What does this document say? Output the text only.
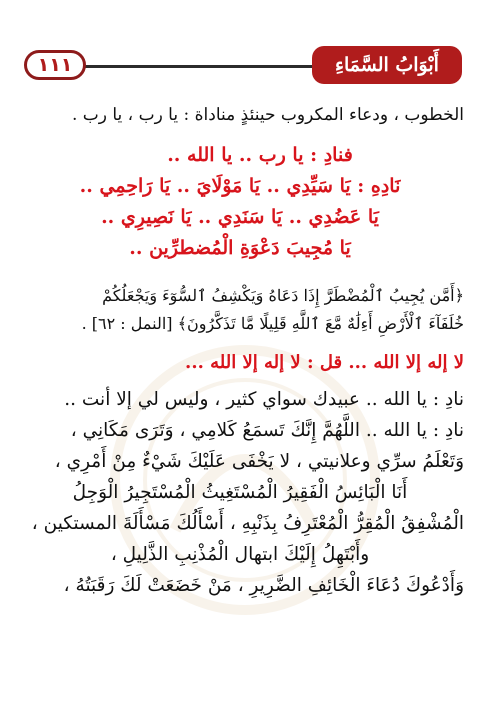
١١١	أَبْوَابُ السَّمَاءِ

الخطوب ، ودعاء المكروب حينئذٍ مناداة : يا رب ، يا رب .

فنادِ : يا رب .. يا الله ..

نَادِهِ : يَا سَيِّدِي .. يَا مَوْلَايَ .. يَا رَاحِمِي ..

يَا عَضُدِي .. يَا سَنَدِي .. يَا نَصِيرِي ..

يَا مُجِيبَ دَعْوَةِ الْمُضطرِّين ..

﴿أَمَّن يُجِيبُ ٱلْمُضْطَرَّ إِذَا دَعَاهُ وَيَكْشِفُ ٱلسُّوٓءَ وَيَجْعَلُكُمْ

خُلَفَآءَ ٱلْأَرْضِ أَءِلَٰهٌ مَّعَ ٱللَّهِ قَلِيلًا مَّا تَذَكَّرُونَ﴾ [النمل : ٦٢] .

لا إله إلا الله ... قل : لا إله إلا الله ...

نادِ : يا الله .. عبيدك سواي كثير ، وليس لي إلا أنت ..

نادِ : يا الله .. اللَّهُمَّ إِنَّكَ تَسمَعُ كَلامِي ، وَتَرَى مَكَانِي ،

وَتَعْلَمُ سرِّي وعلانيتي ، لا يَخْفَى عَلَيْكَ شَيْءٌ مِنْ أَمْرِي ،

أَنَا الْبَائِسُ الْفَقِيرُ الْمُسْتَغِيثُ الْمُسْتَجِيرُ الْوَجِلُ

الْمُشْفِقُ الْمُقِرُّ الْمُعْتَرِفُ بِذَنْبِهِ ، أَسْأَلُكَ مَسْأَلَةَ المستكين ،

وأَبْتَهِلُ إِلَيْكَ ابتهال الْمُذْنِبِ الذَّلِيلِ ،

وَأَدْعُوكَ دُعَاءَ الْخَائِفِ الضَّرِيرِ ، مَنْ خَضَعَتْ لَكَ رَقَبَتُهُ ،
